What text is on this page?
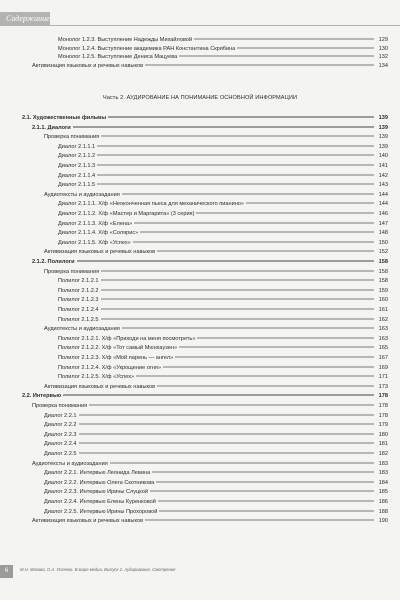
Содержание
Монолог 1.2.3. Выступление Надежды Михайловой	129
Монолог 1.2.4. Выступление академика РАН Константина Скрябина	130
Монолог 1.2.5. Выступление Дениса Мацуева	132
Активизация языковых и речевых навыков	134
2.1. Художественные фильмы	139
2.1.1. Диалоги	139
Проверка понимания	139
Диалог 2.1.1.1	139
Диалог 2.1.1.2	140
Диалог 2.1.1.3	141
Диалог 2.1.1.4	142
Диалог 2.1.1.5	143
Аудиотексты и аудиозадания	144
Диалог 2.1.1.1. Х/ф «Неоконченная пьеса для механического пианино»	144
Диалог 2.1.1.2. Х/ф «Мастер и Маргарита» (3 серия)	146
Диалог 2.1.1.3. Х/ф «Елена»	147
Диалог 2.1.1.4. Х/ф «Солярис»	148
Диалог 2.1.1.5. Х/ф «Успех»	150
Активизация языковых и речевых навыков	152
2.1.2. Полилоги	158
Проверка понимания	158
Полилог 2.1.2.1	158
Полилог 2.1.2.2	159
Полилог 2.1.2.3	160
Полилог 2.1.2.4	161
Полилог 2.1.2.5	162
Аудиотексты и аудиозадания	163
Полилог 2.1.2.1. Х/ф «Приходи на меня посмотреть»	163
Полилог 2.1.2.2. Х/ф «Тот самый Мюнхаузен»	165
Полилог 2.1.2.3. Х/ф «Мой парень — ангел»	167
Полилог 2.1.2.4. Х/ф «Укрощение огня»	169
Полилог 2.1.2.5. Х/ф «Успех»	171
Активизация языковых и речевых навыков	173
2.2. Интервью	178
Проверка понимания	178
Диалог 2.2.1	178
Диалог 2.2.2	179
Диалог 2.2.3	180
Диалог 2.2.4	181
Диалог 2.2.5	182
Аудиотексты и аудиозадания	183
Диалог 2.2.1. Интервью Леонида Левина	183
Диалог 2.2.2. Интервью Олега Скотникова	184
Диалог 2.2.3. Интервью Ирины Слуцкой	185
Диалог 2.2.4. Интервью Елены Куренковой	186
Диалог 2.2.5. Интервью Ирины Прохоровой	188
Активизация языковых и речевых навыков	190
Часть 2. АУДИРОВАНИЕ НА ПОНИМАНИЕ ОСНОВНОЙ ИНФОРМАЦИИ
6	М.Н. Макова, О.А. Успенко. В мире медиа. Выпуск 2. Аудирование. Смотрение
